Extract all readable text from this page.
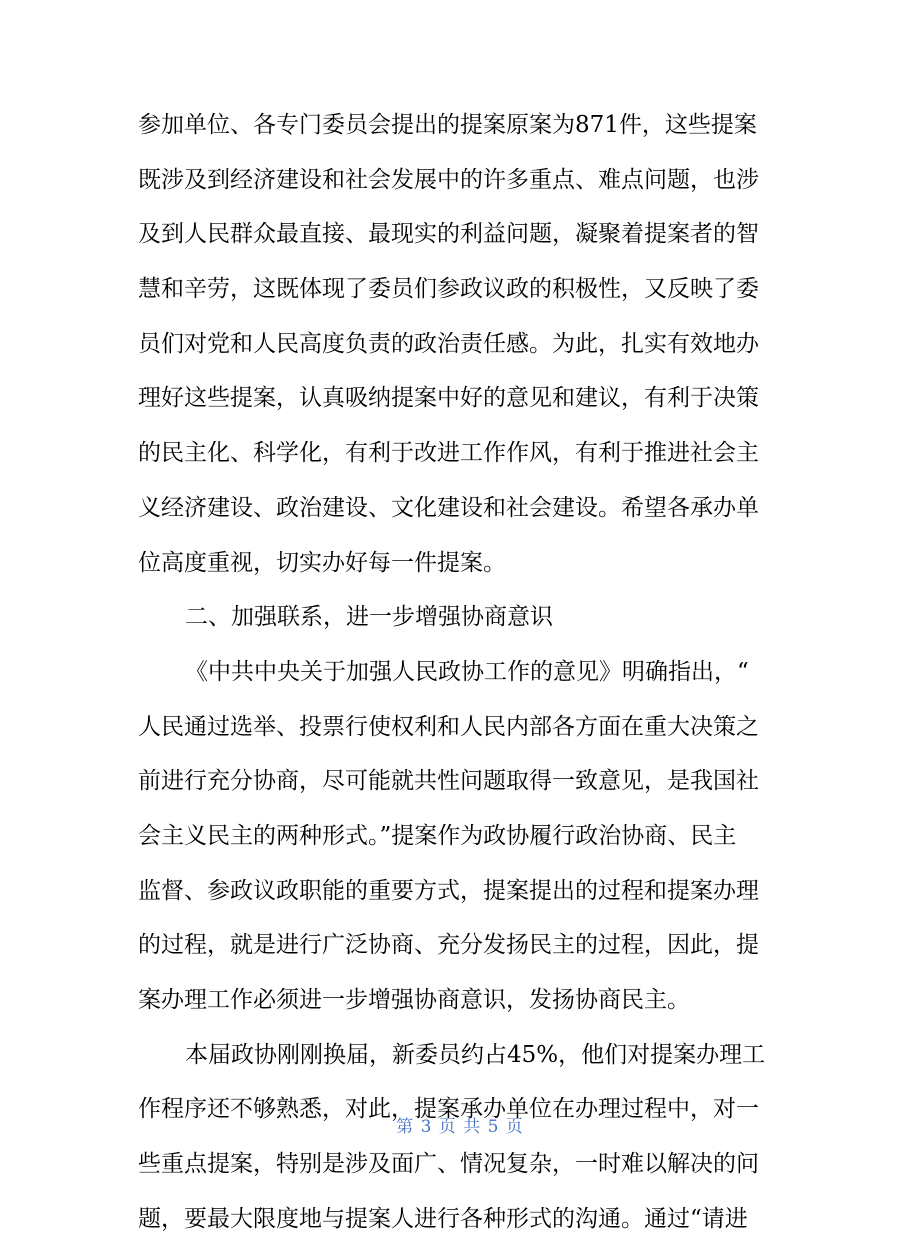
参加单位、各专门委员会提出的提案原案为871件，这些提案

既涉及到经济建设和社会发展中的许多重点、难点问题，也涉

及到人民群众最直接、最现实的利益问题，凝聚着提案者的智

慧和辛劳，这既体现了委员们参政议政的积极性，又反映了委

员们对党和人民高度负责的政治责任感。为此，扎实有效地办

理好这些提案，认真吸纳提案中好的意见和建议，有利于决策

的民主化、科学化，有利于改进工作作风，有利于推进社会主

义经济建设、政治建设、文化建设和社会建设。希望各承办单

位高度重视，切实办好每一件提案。

二、加强联系，进一步增强协商意识

《中共中央关于加强人民政协工作的意见》明确指出，“

人民通过选举、投票行使权利和人民内部各方面在重大决策之

前进行充分协商，尽可能就共性问题取得一致意见，是我国社

会主义民主的两种形式。”提案作为政协履行政治协商、民主

监督、参政议政职能的重要方式，提案提出的过程和提案办理

的过程，就是进行广泛协商、充分发扬民主的过程，因此，提

案办理工作必须进一步增强协商意识，发扬协商民主。

本届政协刚刚换届，新委员约占45%，他们对提案办理工

作程序还不够熟悉，对此，提案承办单位在办理过程中，对一

些重点提案，特别是涉及面广、情况复杂，一时难以解决的问

题，要最大限度地与提案人进行各种形式的沟通。通过“请进

第 3 页 共 5 页
